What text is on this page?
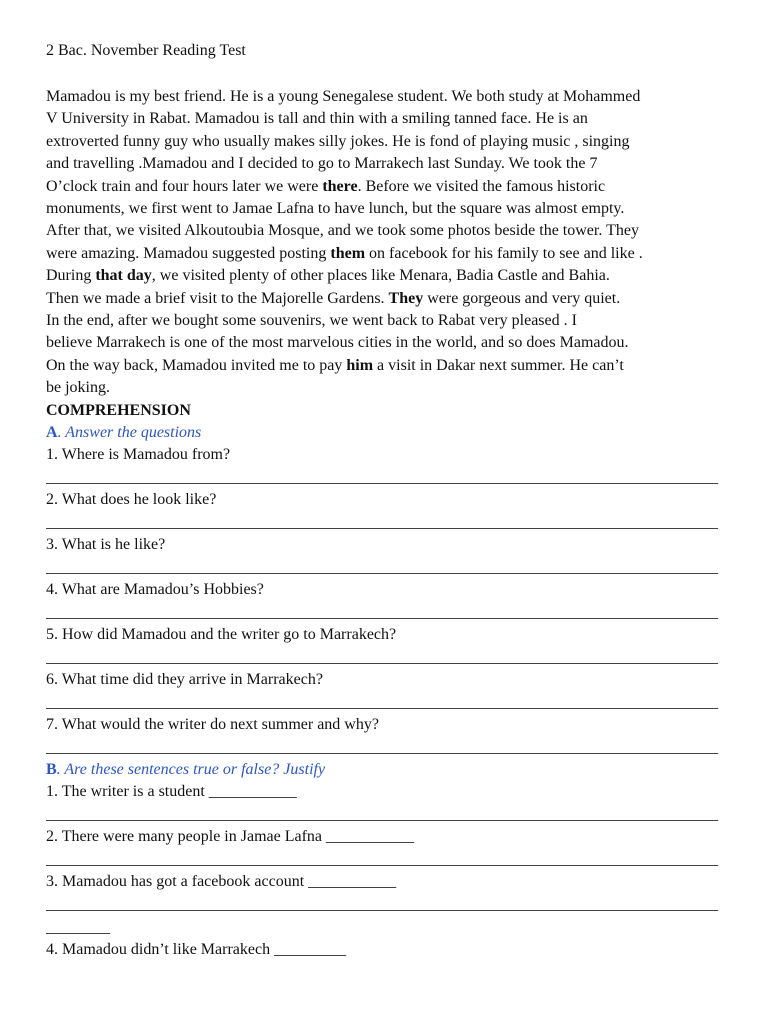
2 Bac. November Reading Test

Mamadou is my best friend. He is a young Senegalese student. We both study at Mohammed
V University in Rabat. Mamadou is tall and thin with a smiling tanned face. He is an
extroverted funny guy who usually makes silly jokes. He is fond of playing music , singing
and travelling .Mamadou and I decided to go to Marrakech last Sunday. We took the 7
O’clock train and four hours later we were there. Before we visited the famous historic
monuments, we first went to Jamae Lafna to have lunch, but the square was almost empty.
After that, we visited Alkoutoubia Mosque, and we took some photos beside the tower. They
were amazing. Mamadou suggested posting them on facebook for his family to see and like .
During that day, we visited plenty of other places like Menara, Badia Castle and Bahia.
Then we made a brief visit to the Majorelle Gardens. They were gorgeous and very quiet.
In the end, after we bought some souvenirs, we went back to Rabat very pleased . I
believe Marrakech is one of the most marvelous cities in the world, and so does Mamadou.
On the way back, Mamadou invited me to pay him a visit in Dakar next summer. He can’t
be joking.

COMPREHENSION

A. Answer the questions

1. Where is Mamadou from?

____________________________________________________________________________________

2. What does he look like?

____________________________________________________________________________________

3. What is he like?

____________________________________________________________________________________

4. What are Mamadou’s Hobbies?

____________________________________________________________________________________

5. How did Mamadou and the writer go to Marrakech?

____________________________________________________________________________________

6. What time did they arrive in Marrakech?

____________________________________________________________________________________

7. What would the writer do next summer and why?

____________________________________________________________________________________

B. Are these sentences true or false? Justify

1. The writer is a student ___________

____________________________________________________________________________________

2. There were many people in Jamae Lafna ___________

____________________________________________________________________________________

3. Mamadou has got a facebook account ___________

____________________________________________________________________________________

________

4. Mamadou didn’t like Marrakech _________
